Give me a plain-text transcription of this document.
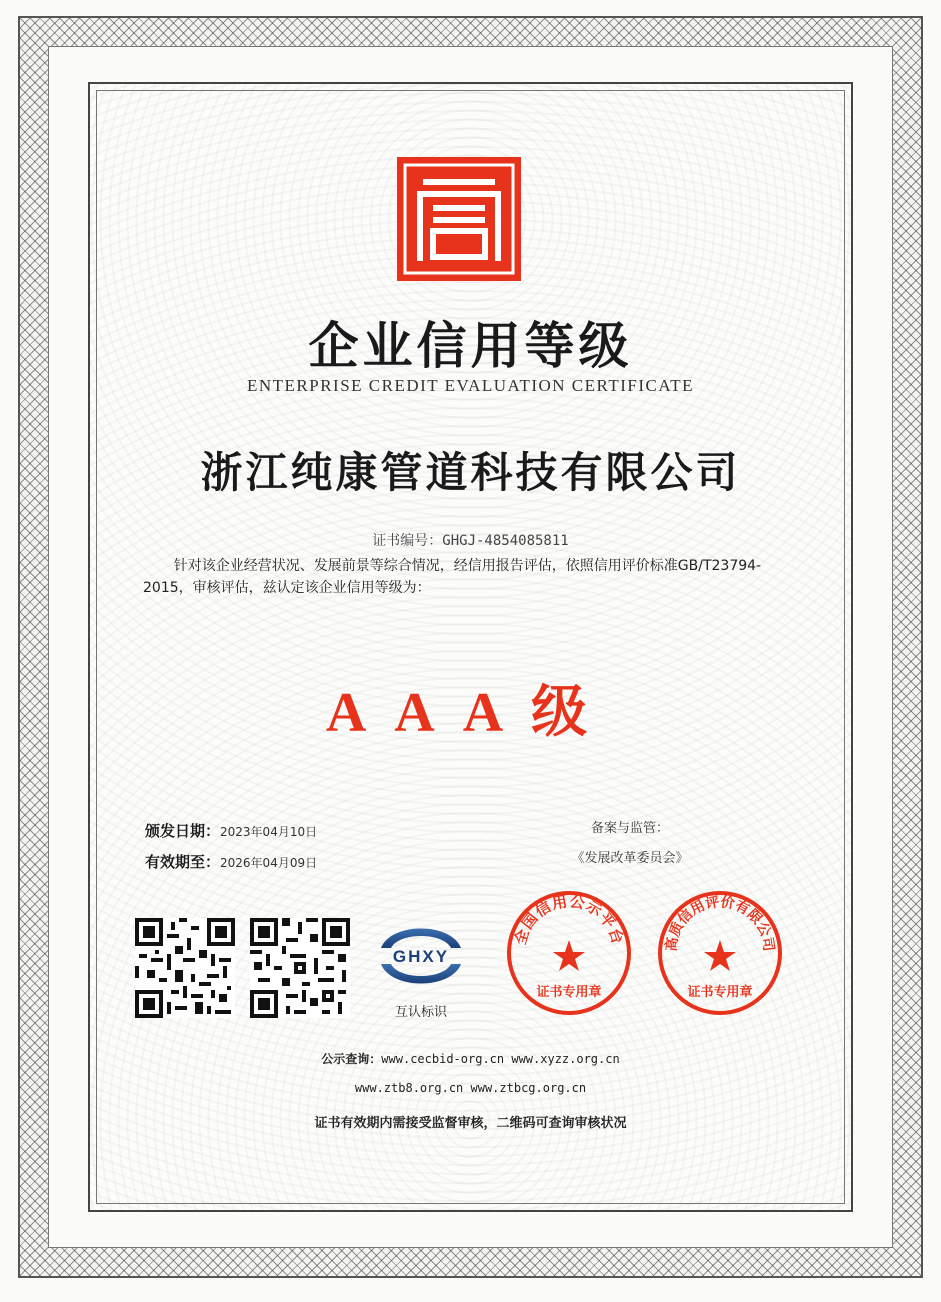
企业信用等级
ENTERPRISE CREDIT EVALUATION CERTIFICATE
浙江纯康管道科技有限公司
证书编号：GHGJ-4854085811
针对该企业经营状况、发展前景等综合情况，经信用报告评估，依照信用评价标准GB/T23794-2015，审核评估，兹认定该企业信用等级为：
AAA级
颁发日期：2023年04月10日
有效期至：2026年04月09日
备案与监管：
《发展改革委员会》
GHXY
互认标识
全国信用公示平台
证书专用章
高质信用评价有限公司
证书专用章
公示查询：www.cecbid-org.cn www.xyzz.org.cn
www.ztb8.org.cn www.ztbcg.org.cn
证书有效期内需接受监督审核，二维码可查询审核状况
